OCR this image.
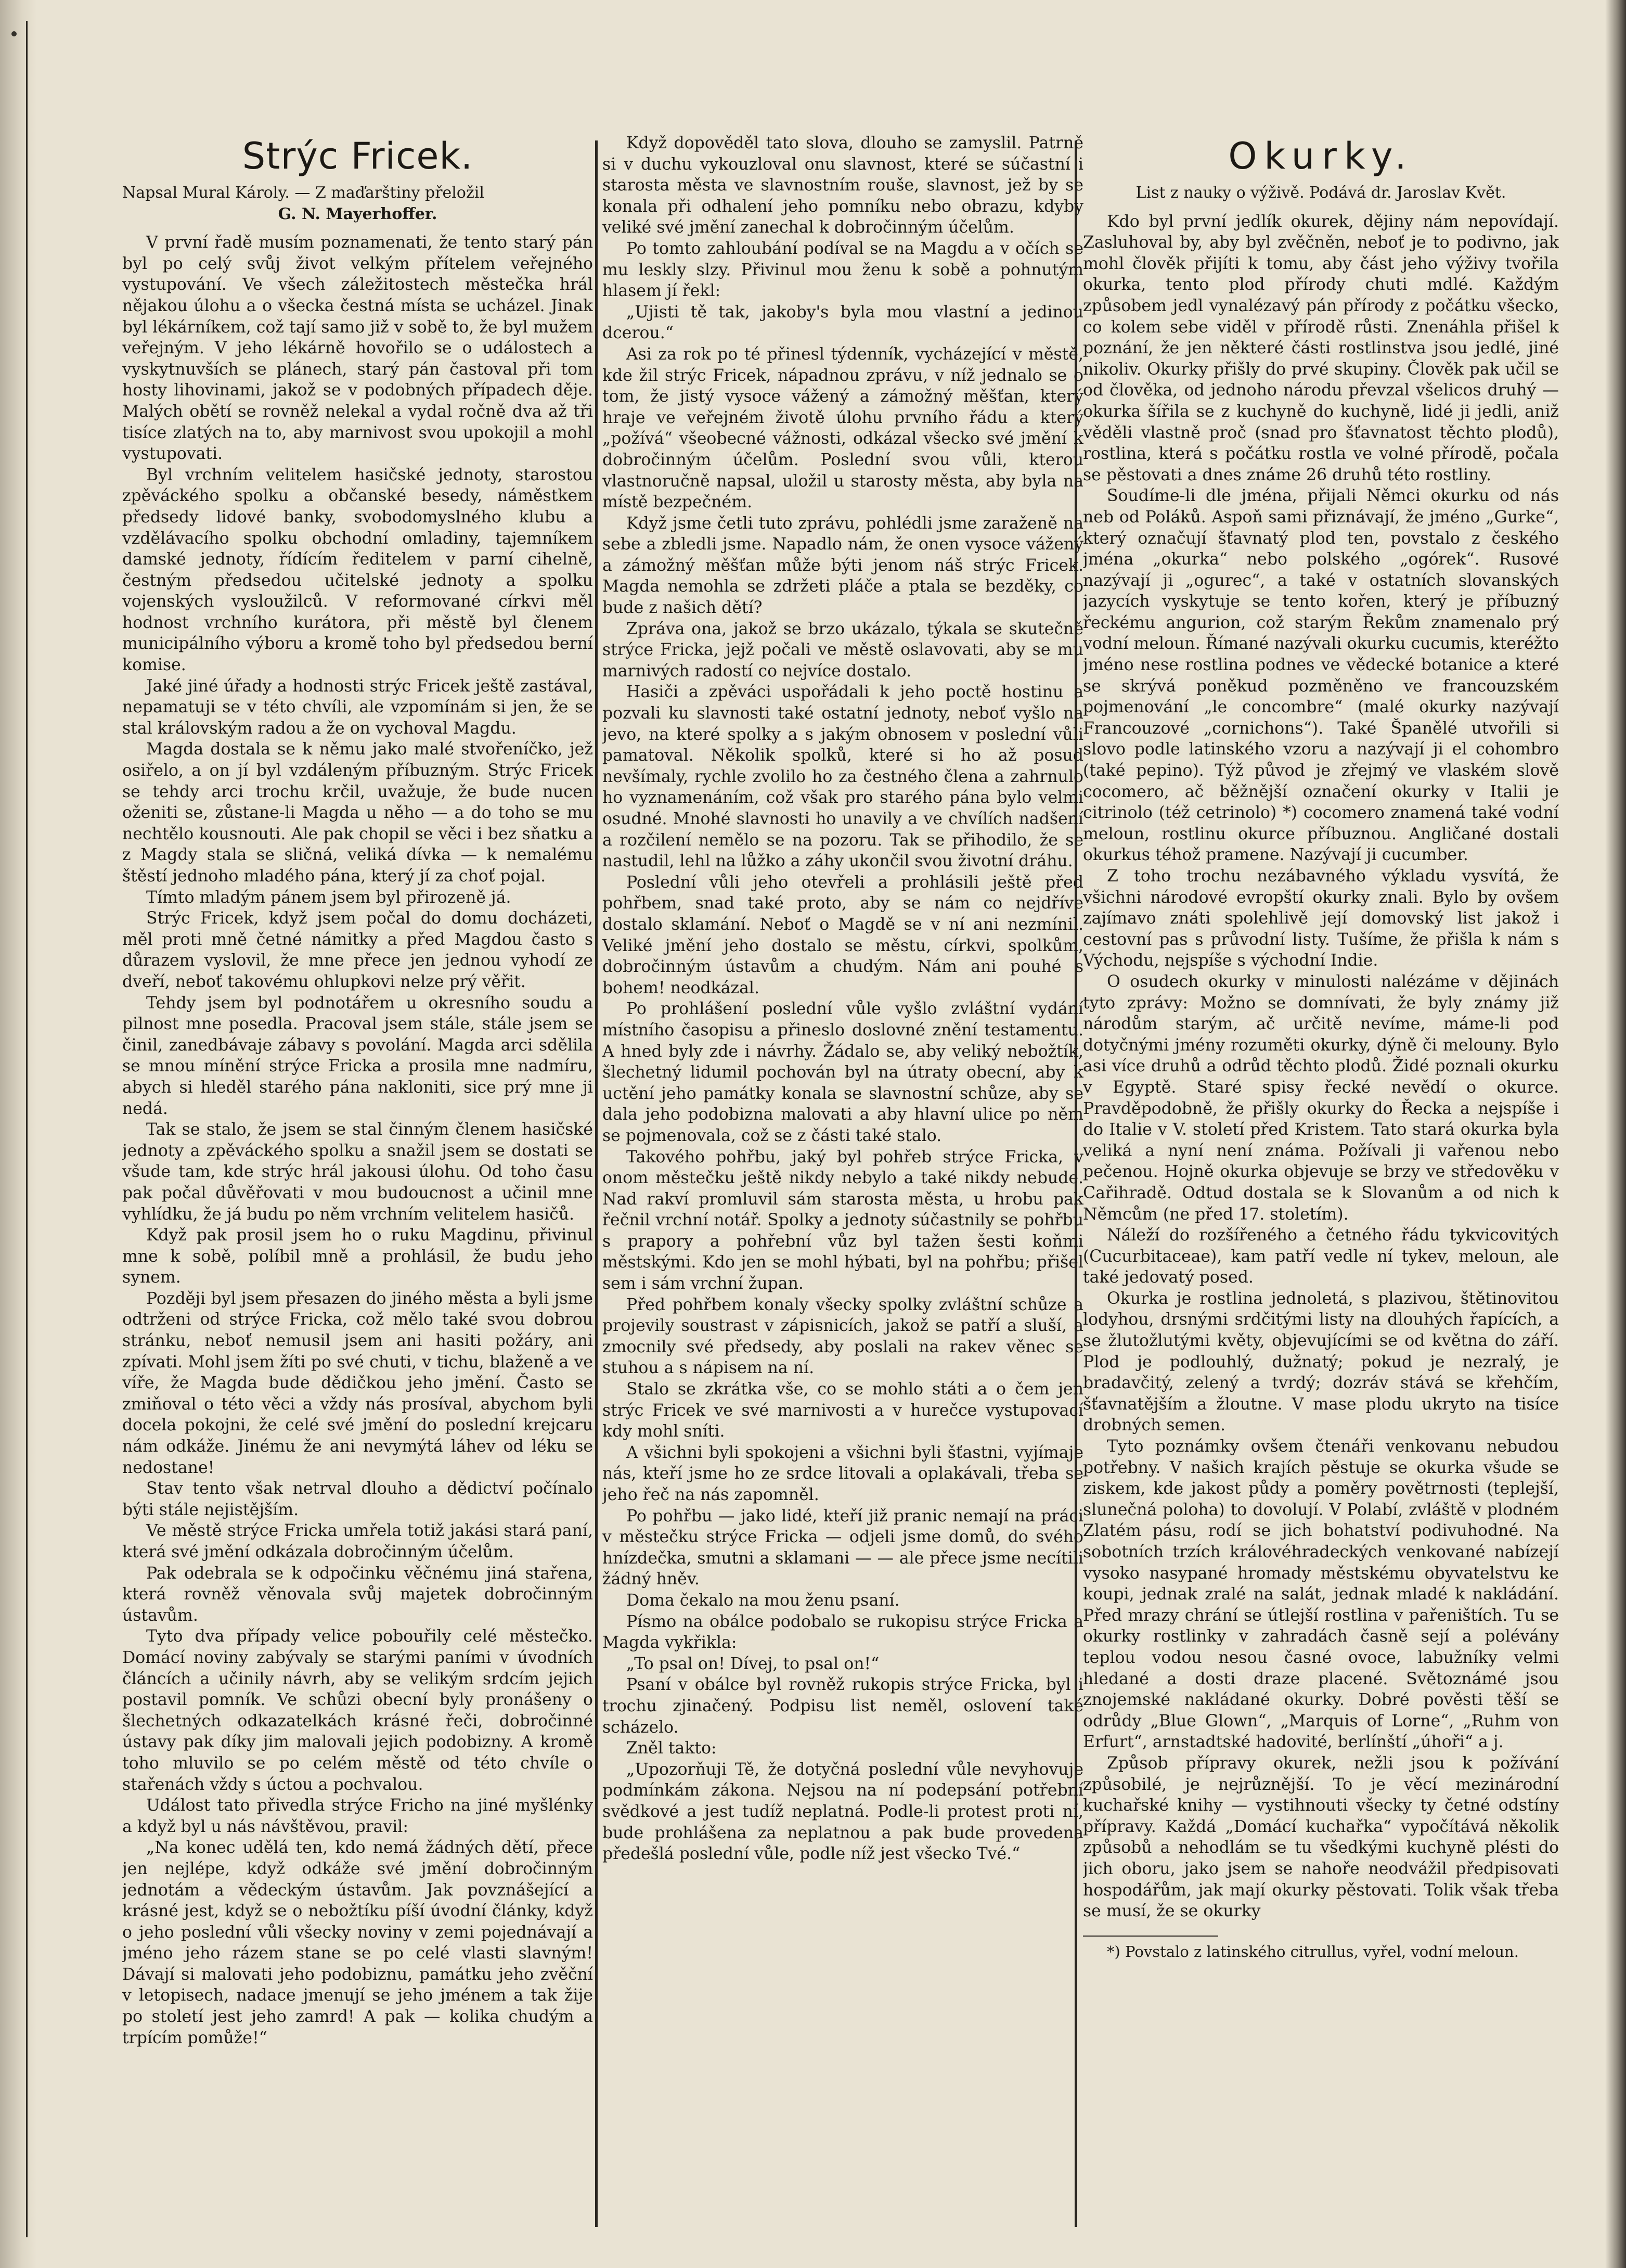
Strýc Fricek.

Napsal Mural Károly. — Z maďarštiny přeložil

G. N. Mayerhoffer.

V první řadě musím poznamenati, že tento starý pán byl po celý svůj život velkým přítelem veřejného vystupování. Ve všech záležitostech městečka hrál nějakou úlohu a o všecka čestná místa se ucházel. Jinak byl lékárníkem, což tají samo již v sobě to, že byl mužem veřejným. V jeho lékárně hovořilo se o událostech a vyskytnuvších se plánech, starý pán častoval při tom hosty lihovinami, jakož se v podobných případech děje. Malých obětí se rovněž nelekal a vydal ročně dva až tři tisíce zlatých na to, aby marnivost svou upokojil a mohl vystupovati.

Byl vrchním velitelem hasičské jednoty, starostou zpěváckého spolku a občanské besedy, náměstkem předsedy lidové banky, svobodomyslného klubu a vzdělávacího spolku obchodní omladiny, tajemníkem damské jednoty, řídícím ředitelem v parní cihelně, čestným předsedou učitelské jednoty a spolku vojenských vysloužilců. V reformované církvi měl hodnost vrchního kurátora, při městě byl členem municipálního výboru a kromě toho byl předsedou berní komise.

Jaké jiné úřady a hodnosti strýc Fricek ještě zastával, nepamatuji se v této chvíli, ale vzpomínám si jen, že se stal královským radou a že on vychoval Magdu.

Magda dostala se k němu jako malé stvořeníčko, jež osiřelo, a on jí byl vzdáleným příbuzným. Strýc Fricek se tehdy arci trochu krčil, uvažuje, že bude nucen oženiti se, zůstane-li Magda u něho — a do toho se mu nechtělo kousnouti. Ale pak chopil se věci i bez sňatku a z Magdy stala se sličná, veliká dívka — k nemalému štěstí jednoho mladého pána, který jí za choť pojal.

Tímto mladým pánem jsem byl přirozeně já.

Strýc Fricek, když jsem počal do domu docházeti, měl proti mně četné námitky a před Magdou často s důrazem vyslovil, že mne přece jen jednou vyhodí ze dveří, neboť takovému ohlupkovi nelze prý věřit.

Tehdy jsem byl podnotářem u okresního soudu a pilnost mne posedla. Pracoval jsem stále, stále jsem se činil, zanedbávaje zábavy s povolání. Magda arci sdělila se mnou mínění strýce Fricka a prosila mne nadmíru, abych si hleděl starého pána nakloniti, sice prý mne ji nedá.

Tak se stalo, že jsem se stal činným členem hasičské jednoty a zpěváckého spolku a snažil jsem se dostati se všude tam, kde strýc hrál jakousi úlohu. Od toho času pak počal důvěřovati v mou budoucnost a učinil mne vyhlídku, že já budu po něm vrchním velitelem hasičů.

Když pak prosil jsem ho o ruku Magdinu, přivinul mne k sobě, políbil mně a prohlásil, že budu jeho synem.

Později byl jsem přesazen do jiného města a byli jsme odtrženi od strýce Fricka, což mělo také svou dobrou stránku, neboť nemusil jsem ani hasiti požáry, ani zpívati. Mohl jsem žíti po své chuti, v tichu, blaženě a ve víře, že Magda bude dědičkou jeho jmění. Často se zmiňoval o této věci a vždy nás prosíval, abychom byli docela pokojni, že celé své jmění do poslední krejcaru nám odkáže. Jinému že ani nevymýtá láhev od léku se nedostane!

Stav tento však netrval dlouho a dědictví počínalo býti stále nejistějším.

Ve městě strýce Fricka umřela totiž jakási stará paní, která své jmění odkázala dobročinným účelům.

Pak odebrala se k odpočinku věčnému jiná stařena, která rovněž věnovala svůj majetek dobročinným ústavům.

Tyto dva případy velice pobouřily celé městečko. Domácí noviny zabývaly se starými paními v úvodních článcích a učinily návrh, aby se velikým srdcím jejich postavil pomník. Ve schůzi obecní byly pronášeny o šlechetných odkazatelkách krásné řeči, dobročinné ústavy pak díky jim malovali jejich podobizny. A kromě toho mluvilo se po celém městě od této chvíle o stařenách vždy s úctou a pochvalou.

Událost tato přivedla strýce Fricho na jiné myšlénky a když byl u nás návštěvou, pravil:

„Na konec udělá ten, kdo nemá žádných dětí, přece jen nejlépe, když odkáže své jmění dobročinným jednotám a vědeckým ústavům. Jak povznášející a krásné jest, když se o nebožtíku píší úvodní články, když o jeho poslední vůli všecky noviny v zemi pojednávají a jméno jeho rázem stane se po celé vlasti slavným! Dávají si malovati jeho podobiznu, památku jeho zvěční v letopisech, nadace jmenují se jeho jménem a tak žije po století jest jeho zamrd! A pak — kolika chudým a trpícím pomůže!“

Když dopověděl tato slova, dlouho se zamyslil. Patrně si v duchu vykouzloval onu slavnost, které se súčastní i starosta města ve slavnostním rouše, slavnost, jež by se konala při odhalení jeho pomníku nebo obrazu, kdyby veliké své jmění zanechal k dobročinným účelům.

Po tomto zahloubání podíval se na Magdu a v očích se mu leskly slzy. Přivinul mou ženu k sobě a pohnutým hlasem jí řekl:

„Ujisti tě tak, jakoby's byla mou vlastní a jedinou dcerou.“

Asi za rok po té přinesl týdenník, vycházející v městě, kde žil strýc Fricek, nápadnou zprávu, v níž jednalo se o tom, že jistý vysoce vážený a zámožný měšťan, který hraje ve veřejném životě úlohu prvního řádu a který „požívá“ všeobecné vážnosti, odkázal všecko své jmění k dobročinným účelům. Poslední svou vůli, kterou vlastnoručně napsal, uložil u starosty města, aby byla na místě bezpečném.

Když jsme četli tuto zprávu, pohlédli jsme zaraženě na sebe a zbledli jsme. Napadlo nám, že onen vysoce vážený a zámožný měšťan může býti jenom náš strýc Fricek. Magda nemohla se zdržeti pláče a ptala se bezděky, co bude z našich dětí?

Zpráva ona, jakož se brzo ukázalo, týkala se skutečně strýce Fricka, jejž počali ve městě oslavovati, aby se mu marnivých radostí co nejvíce dostalo.

Hasiči a zpěváci uspořádali k jeho poctě hostinu a pozvali ku slavnosti také ostatní jednoty, neboť vyšlo na jevo, na které spolky a s jakým obnosem v poslední vůli pamatoval. Několik spolků, které si ho až posud nevšímaly, rychle zvolilo ho za čestného člena a zahrnulo ho vyznamenáním, což však pro starého pána bylo velmi osudné. Mnohé slavnosti ho unavily a ve chvílích nadšení a rozčilení nemělo se na pozoru. Tak se přihodilo, že se nastudil, lehl na lůžko a záhy ukončil svou životní dráhu.

Poslední vůli jeho otevřeli a prohlásili ještě před pohřbem, snad také proto, aby se nám co nejdříve dostalo sklamání. Neboť o Magdě se v ní ani nezmínil. Veliké jmění jeho dostalo se městu, církvi, spolkům, dobročinným ústavům a chudým. Nám ani pouhé s bohem! neodkázal.

Po prohlášení poslední vůle vyšlo zvláštní vydání místního časopisu a přineslo doslovné znění testamentu. A hned byly zde i návrhy. Žádalo se, aby veliký nebožtík, šlechetný lidumil pochován byl na útraty obecní, aby k uctění jeho památky konala se slavnostní schůze, aby se dala jeho podobizna malovati a aby hlavní ulice po něm se pojmenovala, což se z části také stalo.

Takového pohřbu, jaký byl pohřeb strýce Fricka, v onom městečku ještě nikdy nebylo a také nikdy nebude. Nad rakví promluvil sám starosta města, u hrobu pak řečnil vrchní notář. Spolky a jednoty súčastnily se pohřbu s prapory a pohřební vůz byl tažen šesti koňmi městskými. Kdo jen se mohl hýbati, byl na pohřbu; přišel sem i sám vrchní župan.

Před pohřbem konaly všecky spolky zvláštní schůze a projevily soustrast v zápisnicích, jakož se patří a sluší, a zmocnily své předsedy, aby poslali na rakev věnec se stuhou a s nápisem na ní.

Stalo se zkrátka vše, co se mohlo státi a o čem jen strýc Fricek ve své marnivosti a v hurečce vystupovací kdy mohl sníti.

A všichni byli spokojeni a všichni byli šťastni, vyjímaje nás, kteří jsme ho ze srdce litovali a oplakávali, třeba se jeho řeč na nás zapomněl.

Po pohřbu — jako lidé, kteří již pranic nemají na práci v městečku strýce Fricka — odjeli jsme domů, do svého hnízdečka, smutni a sklamani — — ale přece jsme necítili žádný hněv.

Doma čekalo na mou ženu psaní.

Písmo na obálce podobalo se rukopisu strýce Fricka a Magda vykřikla:

„To psal on! Dívej, to psal on!“

Psaní v obálce byl rovněž rukopis strýce Fricka, byl i trochu zjinačený. Podpisu list neměl, oslovení také scházelo.

Zněl takto:

„Upozorňuji Tě, že dotyčná poslední vůle nevyhovuje podmínkám zákona. Nejsou na ní podepsání potřební svědkové a jest tudíž neplatná. Podle-li protest proti ní, bude prohlášena za neplatnou a pak bude provedena předešlá poslední vůle, podle níž jest všecko Tvé.“

Okurky.

List z nauky o výživě. Podává dr. Jaroslav Květ.

Kdo byl první jedlík okurek, dějiny nám nepovídají. Zasluhoval by, aby byl zvěčněn, neboť je to podivno, jak mohl člověk přijíti k tomu, aby část jeho výživy tvořila okurka, tento plod přírody chuti mdlé. Každým způsobem jedl vynalézavý pán přírody z počátku všecko, co kolem sebe viděl v přírodě růsti. Znenáhla přišel k poznání, že jen některé části rostlinstva jsou jedlé, jiné nikoliv. Okurky přišly do prvé skupiny. Člověk pak učil se od člověka, od jednoho národu převzal všelicos druhý — okurka šířila se z kuchyně do kuchyně, lidé ji jedli, aniž věděli vlastně proč (snad pro šťavnatost těchto plodů), rostlina, která s počátku rostla ve volné přírodě, počala se pěstovati a dnes známe 26 druhů této rostliny.

Soudíme-li dle jména, přijali Němci okurku od nás neb od Poláků. Aspoň sami přiznávají, že jméno „Gurke“, který označují šťavnatý plod ten, povstalo z českého jména „okurka“ nebo polského „ogórek“. Rusové nazývají ji „ogurec“, a také v ostatních slovanských jazycích vyskytuje se tento kořen, který je příbuzný řeckému angurion, což starým Řekům znamenalo prý vodní meloun. Římané nazývali okurku cucumis, kteréžto jméno nese rostlina podnes ve vědecké botanice a které se skrývá poněkud pozměněno ve francouzském pojmenování „le concombre“ (malé okurky nazývají Francouzové „cornichons“). Také Španělé utvořili si slovo podle latinského vzoru a nazývají ji el cohombro (také pepino). Týž původ je zřejmý ve vlaském slově cocomero, ač běžnější označení okurky v Italii je citrinolo (též cetrinolo) *) cocomero znamená také vodní meloun, rostlinu okurce příbuznou. Angličané dostali okurkus téhož pramene. Nazývají ji cucumber.

Z toho trochu nezábavného výkladu vysvítá, že všichni národové evropští okurky znali. Bylo by ovšem zajímavo znáti spolehlivě její domovský list jakož i cestovní pas s průvodní listy. Tušíme, že přišla k nám s Východu, nejspíše s východní Indie.

O osudech okurky v minulosti nalézáme v dějinách tyto zprávy: Možno se domnívati, že byly známy již národům starým, ač určitě nevíme, máme-li pod dotyčnými jmény rozuměti okurky, dýně či melouny. Bylo asi více druhů a odrůd těchto plodů. Židé poznali okurku v Egyptě. Staré spisy řecké nevědí o okurce. Pravděpodobně, že přišly okurky do Řecka a nejspíše i do Italie v V. století před Kristem. Tato stará okurka byla veliká a nyní není známa. Požívali ji vařenou nebo pečenou. Hojně okurka objevuje se brzy ve středověku v Cařihradě. Odtud dostala se k Slovanům a od nich k Němcům (ne před 17. stoletím).

Náleží do rozšířeného a četného řádu tykvicovitých (Cucurbitaceae), kam patří vedle ní tykev, meloun, ale také jedovatý posed.

Okurka je rostlina jednoletá, s plazivou, štětinovitou lodyhou, drsnými srdčitými listy na dlouhých řapících, a se žlutožlutými květy, objevujícími se od května do září. Plod je podlouhlý, dužnatý; pokud je nezralý, je bradavčitý, zelený a tvrdý; dozráv stává se křehčím, šťavnatějším a žloutne. V mase plodu ukryto na tisíce drobných semen.

Tyto poznámky ovšem čtenáři venkovanu nebudou potřebny. V našich krajích pěstuje se okurka všude se ziskem, kde jakost půdy a poměry povětrnosti (teplejší, slunečná poloha) to dovolují. V Polabí, zvláště v plodném Zlatém pásu, rodí se jich bohatství podivuhodné. Na sobotních trzích královéhradeckých venkované nabízejí vysoko nasypané hromady městskému obyvatelstvu ke koupi, jednak zralé na salát, jednak mladé k nakládání. Před mrazy chrání se útlejší rostlina v pařeništích. Tu se okurky rostlinky v zahradách časně sejí a polévány teplou vodou nesou časné ovoce, labužníky velmi hledané a dosti draze placené. Světoznámé jsou znojemské nakládané okurky. Dobré pověsti těší se odrůdy „Blue Glown“, „Marquis of Lorne“, „Ruhm von Erfurt“, arnstadtské hadovité, berlínští „úhoři“ a j.

Způsob přípravy okurek, nežli jsou k požívání způsobilé, je nejrůznější. To je věcí mezinárodní kuchařské knihy — vystihnouti všecky ty četné odstíny přípravy. Každá „Domácí kuchařka“ vypočítává několik způsobů a nehodlám se tu všedkými kuchyně plésti do jich oboru, jako jsem se nahoře neodvážil předpisovati hospodářům, jak mají okurky pěstovati. Tolik však třeba se musí, že se okurky

*) Povstalo z latinského citrullus, vyřel, vodní meloun.
